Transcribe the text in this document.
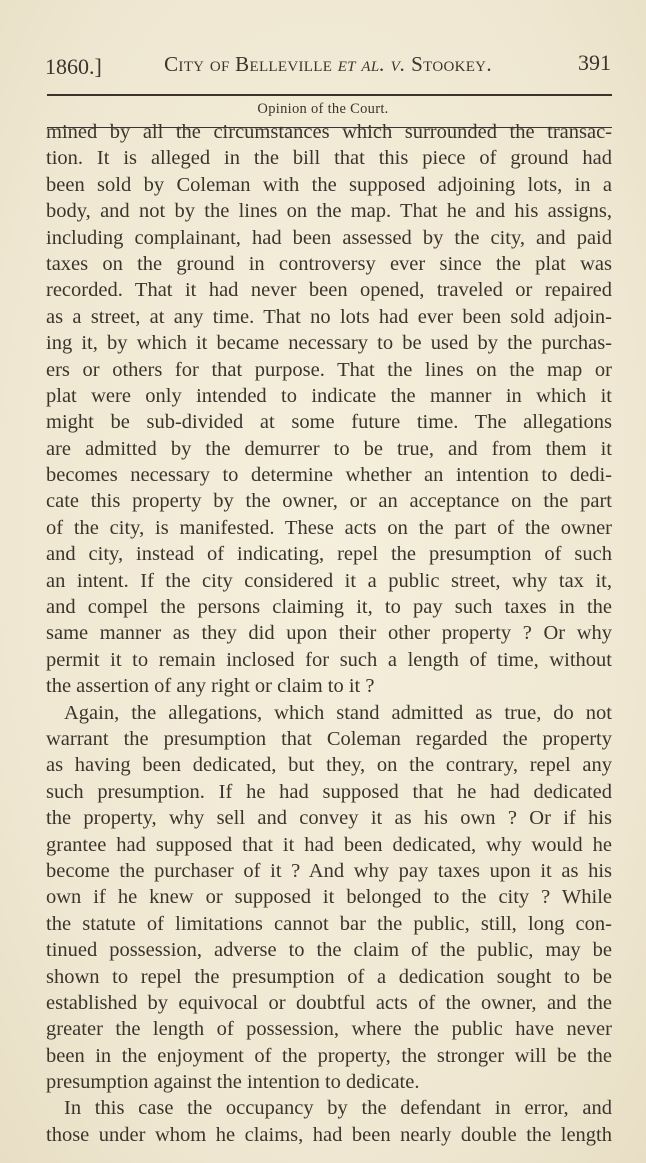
1860.]	City of Belleville et al. v. Stookey.	391
Opinion of the Court.
mined by all the circumstances which surrounded the transac-
tion. It is alleged in the bill that this piece of ground had
been sold by Coleman with the supposed adjoining lots, in a
body, and not by the lines on the map. That he and his assigns,
including complainant, had been assessed by the city, and paid
taxes on the ground in controversy ever since the plat was
recorded. That it had never been opened, traveled or repaired
as a street, at any time. That no lots had ever been sold adjoin-
ing it, by which it became necessary to be used by the purchas-
ers or others for that purpose. That the lines on the map or
plat were only intended to indicate the manner in which it
might be sub-divided at some future time. The allegations
are admitted by the demurrer to be true, and from them it
becomes necessary to determine whether an intention to dedi-
cate this property by the owner, or an acceptance on the part
of the city, is manifested. These acts on the part of the owner
and city, instead of indicating, repel the presumption of such
an intent. If the city considered it a public street, why tax it,
and compel the persons claiming it, to pay such taxes in the
same manner as they did upon their other property ? Or why
permit it to remain inclosed for such a length of time, without
the assertion of any right or claim to it ?
Again, the allegations, which stand admitted as true, do not
warrant the presumption that Coleman regarded the property
as having been dedicated, but they, on the contrary, repel any
such presumption. If he had supposed that he had dedicated
the property, why sell and convey it as his own ? Or if his
grantee had supposed that it had been dedicated, why would he
become the purchaser of it ? And why pay taxes upon it as his
own if he knew or supposed it belonged to the city ? While
the statute of limitations cannot bar the public, still, long con-
tinued possession, adverse to the claim of the public, may be
shown to repel the presumption of a dedication sought to be
established by equivocal or doubtful acts of the owner, and the
greater the length of possession, where the public have never
been in the enjoyment of the property, the stronger will be the
presumption against the intention to dedicate.
In this case the occupancy by the defendant in error, and
those under whom he claims, had been nearly double the length
